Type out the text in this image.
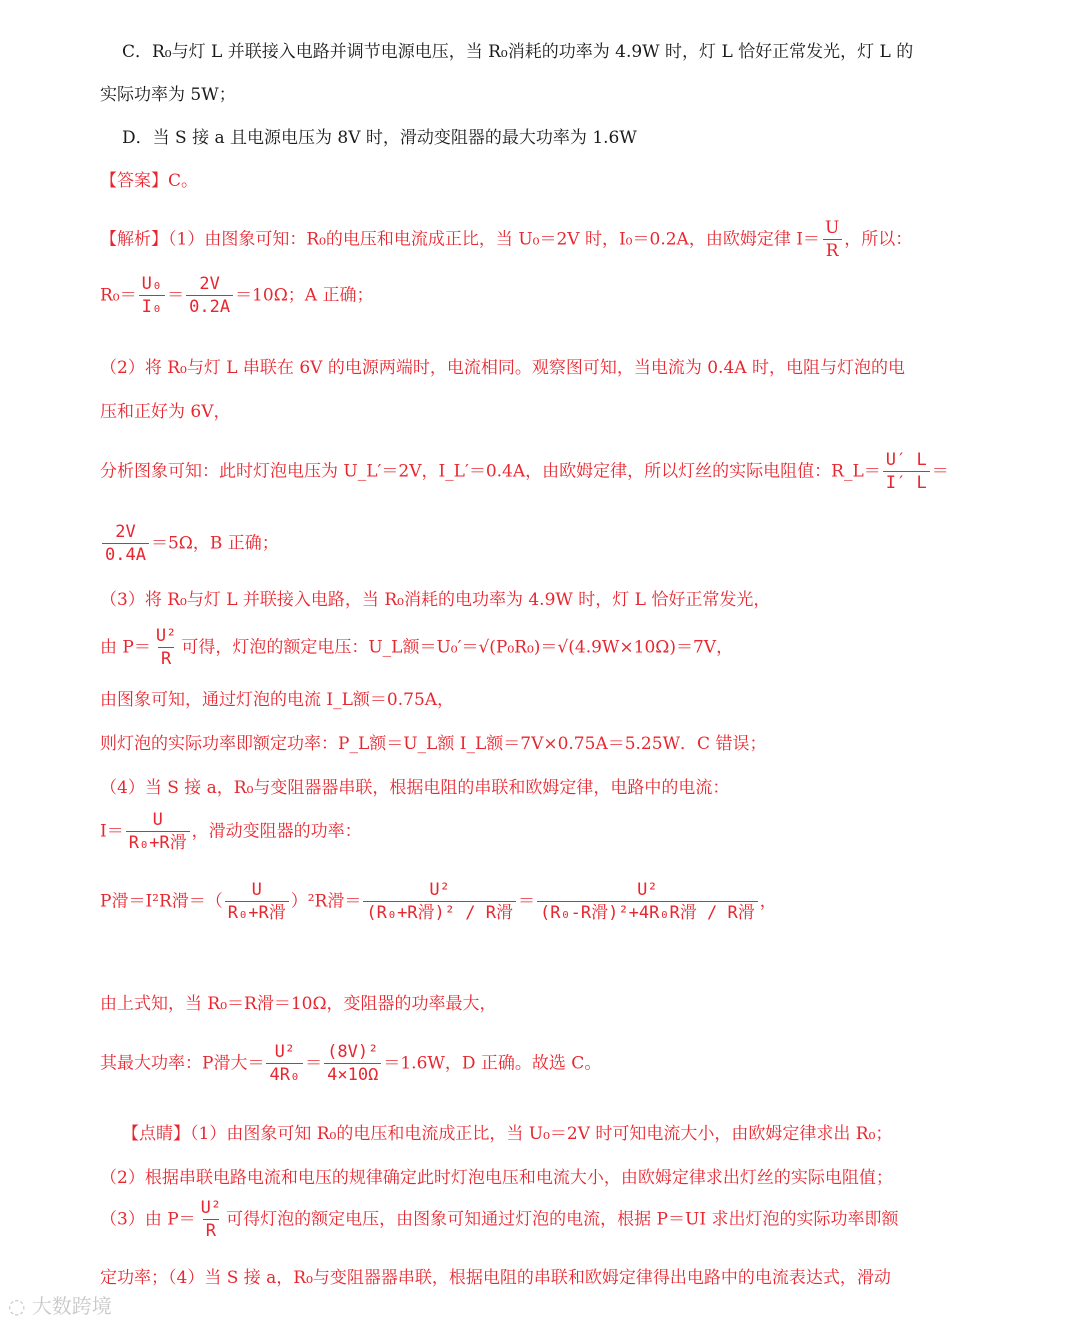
C．R₀与灯 L 并联接入电路并调节电源电压，当 R₀消耗的功率为 4.9W 时，灯 L 恰好正常发光，灯 L 的
实际功率为 5W；
D．当 S 接 a 且电源电压为 8V 时，滑动变阻器的最大功率为 1.6W
【答案】C。
【解析】（1）由图象可知：R₀的电压和电流成正比，当 U₀＝2V 时，I₀＝0.2A，由欧姆定律 $I= \frac{U}{R}$ ，所以：
$R_0= \frac{\text{U₀}}{\text{I₀}} = \frac{2V}{0.2A} =10\Omega$；A 正确；
（2）将 R₀与灯 L 串联在 6V 的电源两端时，电流相同。观察图可知，当电流为 0.4A 时，电阻与灯泡的电
压和正好为 6V，
分析图象可知：此时灯泡电压为 U_L′＝2V，I_L′＝0.4A，由欧姆定律，所以灯丝的实际电阻值：R_L＝ $\frac{U' L}{I' L}$ ＝
$\frac{2V}{0.4A} =5\Omega$，B 正确；
（3）将 R₀与灯 L 并联接入电路，当 R₀消耗的电功率为 4.9W 时，灯 L 恰好正常发光，
由 $P= \frac{\text{U²}}{R}$ 可得，灯泡的额定电压：U_L额＝U₀′＝√(P₀R₀)＝√(4.9W×10Ω)＝7V，
由图象可知，通过灯泡的电流 I_L额＝0.75A，
则灯泡的实际功率即额定功率：P_L额＝U_L额 I_L额＝7V×0.75A＝5.25W．C 错误；
（4）当 S 接 a，R₀与变阻器器串联，根据电阻的串联和欧姆定律，电路中的电流：
$I= \frac{U}{\text{R₀+R滑}}$ ，滑动变阻器的功率：
P滑＝I²R滑＝（ $\frac{U}{\text{R₀+R滑}} )^2R$滑＝ $\frac{\text{U²}}{\text{(R₀+R滑)² / R滑}} = \frac{\text{U²}}{\text{(R₀-R滑)²+4R₀R滑 / R滑}}$ ，
由上式知，当 R₀＝R滑＝10Ω，变阻器的功率最大，
其最大功率：P滑大＝ $\frac{\text{U²}}{\text{4R₀}} = \frac{\text{(8V)²}}{4\times 10\Omega} =1.6W$，D 正确。故选 C。
【点睛】（1）由图象可知 R₀的电压和电流成正比，当 U₀＝2V 时可知电流大小，由欧姆定律求出 R₀；
（2）根据串联电路电流和电压的规律确定此时灯泡电压和电流大小，由欧姆定律求出灯丝的实际电阻值；
（3）由 $P= \frac{\text{U²}}{R}$ 可得灯泡的额定电压，由图象可知通过灯泡的电流，根据 P＝UI 求出灯泡的实际功率即额
定功率；（4）当 S 接 a，R₀与变阻器器串联，根据电阻的串联和欧姆定律得出电路中的电流表达式，滑动
◌ 大数跨境
